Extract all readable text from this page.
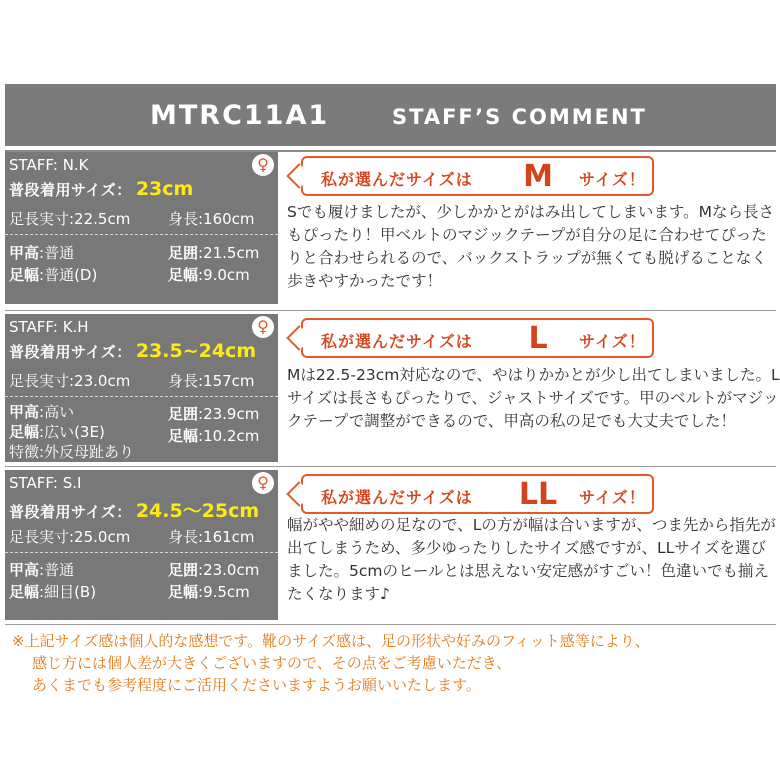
MTRC11A1	STAFF’S COMMENT
STAFF: N.K	♀
普段着用サイズ： 23cm
足長実寸:22.5cm	身長:160cm
甲高:普通	足囲:21.5cm
足幅:普通(D)	足幅:9.0cm
私が選んだサイズは	M	サイズ！
Sでも履けましたが、少しかかとがはみ出してしまいます。Mなら長さもぴったり！甲ベルトのマジックテープが自分の足に合わせてぴったりと合わせられるので、バックストラップが無くても脱げることなく歩きやすかったです！
STAFF: K.H	♀
普段着用サイズ： 23.5~24cm
足長実寸:23.0cm	身長:157cm
甲高:高い	足囲:23.9cm
足幅:広い(3E)	足幅:10.2cm
特徴:外反母趾あり
私が選んだサイズは	L	サイズ！
Mは22.5-23cm対応なので、やはりかかとが少し出てしまいました。Lサイズは長さもぴったりで、ジャストサイズです。甲のベルトがマジックテープで調整ができるので、甲高の私の足でも大丈夫でした！
STAFF: S.I	♀
普段着用サイズ： 24.5～25cm
足長実寸:25.0cm	身長:161cm
甲高:普通	足囲:23.0cm
足幅:細目(B)	足幅:9.5cm
私が選んだサイズは	LL	サイズ！
幅がやや細めの足なので、Lの方が幅は合いますが、つま先から指先が出てしまうため、多少ゆったりしたサイズ感ですが、LLサイズを選びました。5cmのヒールとは思えない安定感がすごい！色違いでも揃えたくなります♪
※上記サイズ感は個人的な感想です。靴のサイズ感は、足の形状や好みのフィット感等により、
感じ方には個人差が大きくございますので、その点をご考慮いただき、
あくまでも参考程度にご活用くださいますようお願いいたします。
